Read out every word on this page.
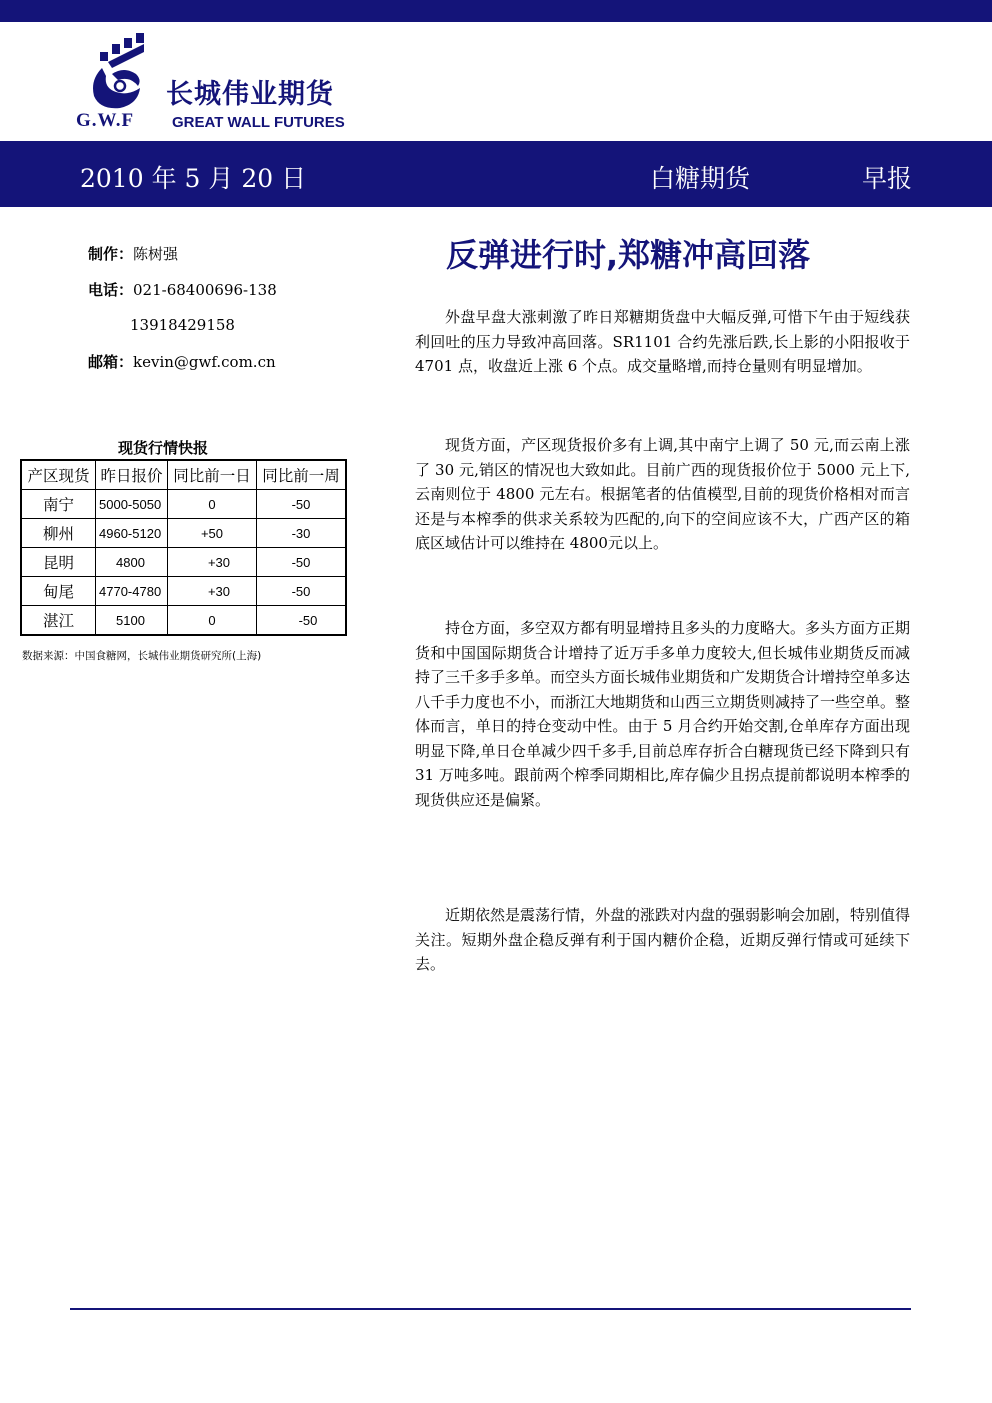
长城伟业期货
G.W.F	GREAT WALL FUTURES
2010 年 5 月 20 日	白糖期货	早报
制作：陈树强
电话：021-68400696-138
13918429158
邮箱：kevin@gwf.com.cn
反弹进行时,郑糖冲高回落
外盘早盘大涨刺激了昨日郑糖期货盘中大幅反弹,可惜下午由于短线获利回吐的压力导致冲高回落。SR1101 合约先涨后跌,长上影的小阳报收于 4701 点，收盘近上涨 6 个点。成交量略增,而持仓量则有明显增加。
现货方面，产区现货报价多有上调,其中南宁上调了 50 元,而云南上涨了 30 元,销区的情况也大致如此。目前广西的现货报价位于 5000 元上下,云南则位于 4800 元左右。根据笔者的估值模型,目前的现货价格相对而言还是与本榨季的供求关系较为匹配的,向下的空间应该不大，广西产区的箱底区域估计可以维持在 4800元以上。
持仓方面，多空双方都有明显增持且多头的力度略大。多头方面方正期货和中国国际期货合计增持了近万手多单力度较大,但长城伟业期货反而减持了三千多手多单。而空头方面长城伟业期货和广发期货合计增持空单多达八千手力度也不小，而浙江大地期货和山西三立期货则减持了一些空单。整体而言，单日的持仓变动中性。由于 5 月合约开始交割,仓单库存方面出现明显下降,单日仓单减少四千多手,目前总库存折合白糖现货已经下降到只有 31 万吨多吨。跟前两个榨季同期相比,库存偏少且拐点提前都说明本榨季的现货供应还是偏紧。
近期依然是震荡行情，外盘的涨跌对内盘的强弱影响会加剧，特别值得关注。短期外盘企稳反弹有利于国内糖价企稳，近期反弹行情或可延续下去。
现货行情快报
产区现货	昨日报价	同比前一日	同比前一周
南宁	5000-5050	0	-50
柳州	4960-5120	+50	-30
昆明	4800	+30	-50
甸尾	4770-4780	+30	-50
湛江	5100	0	-50
数据来源：中国食糖网，长城伟业期货研究所(上海)
